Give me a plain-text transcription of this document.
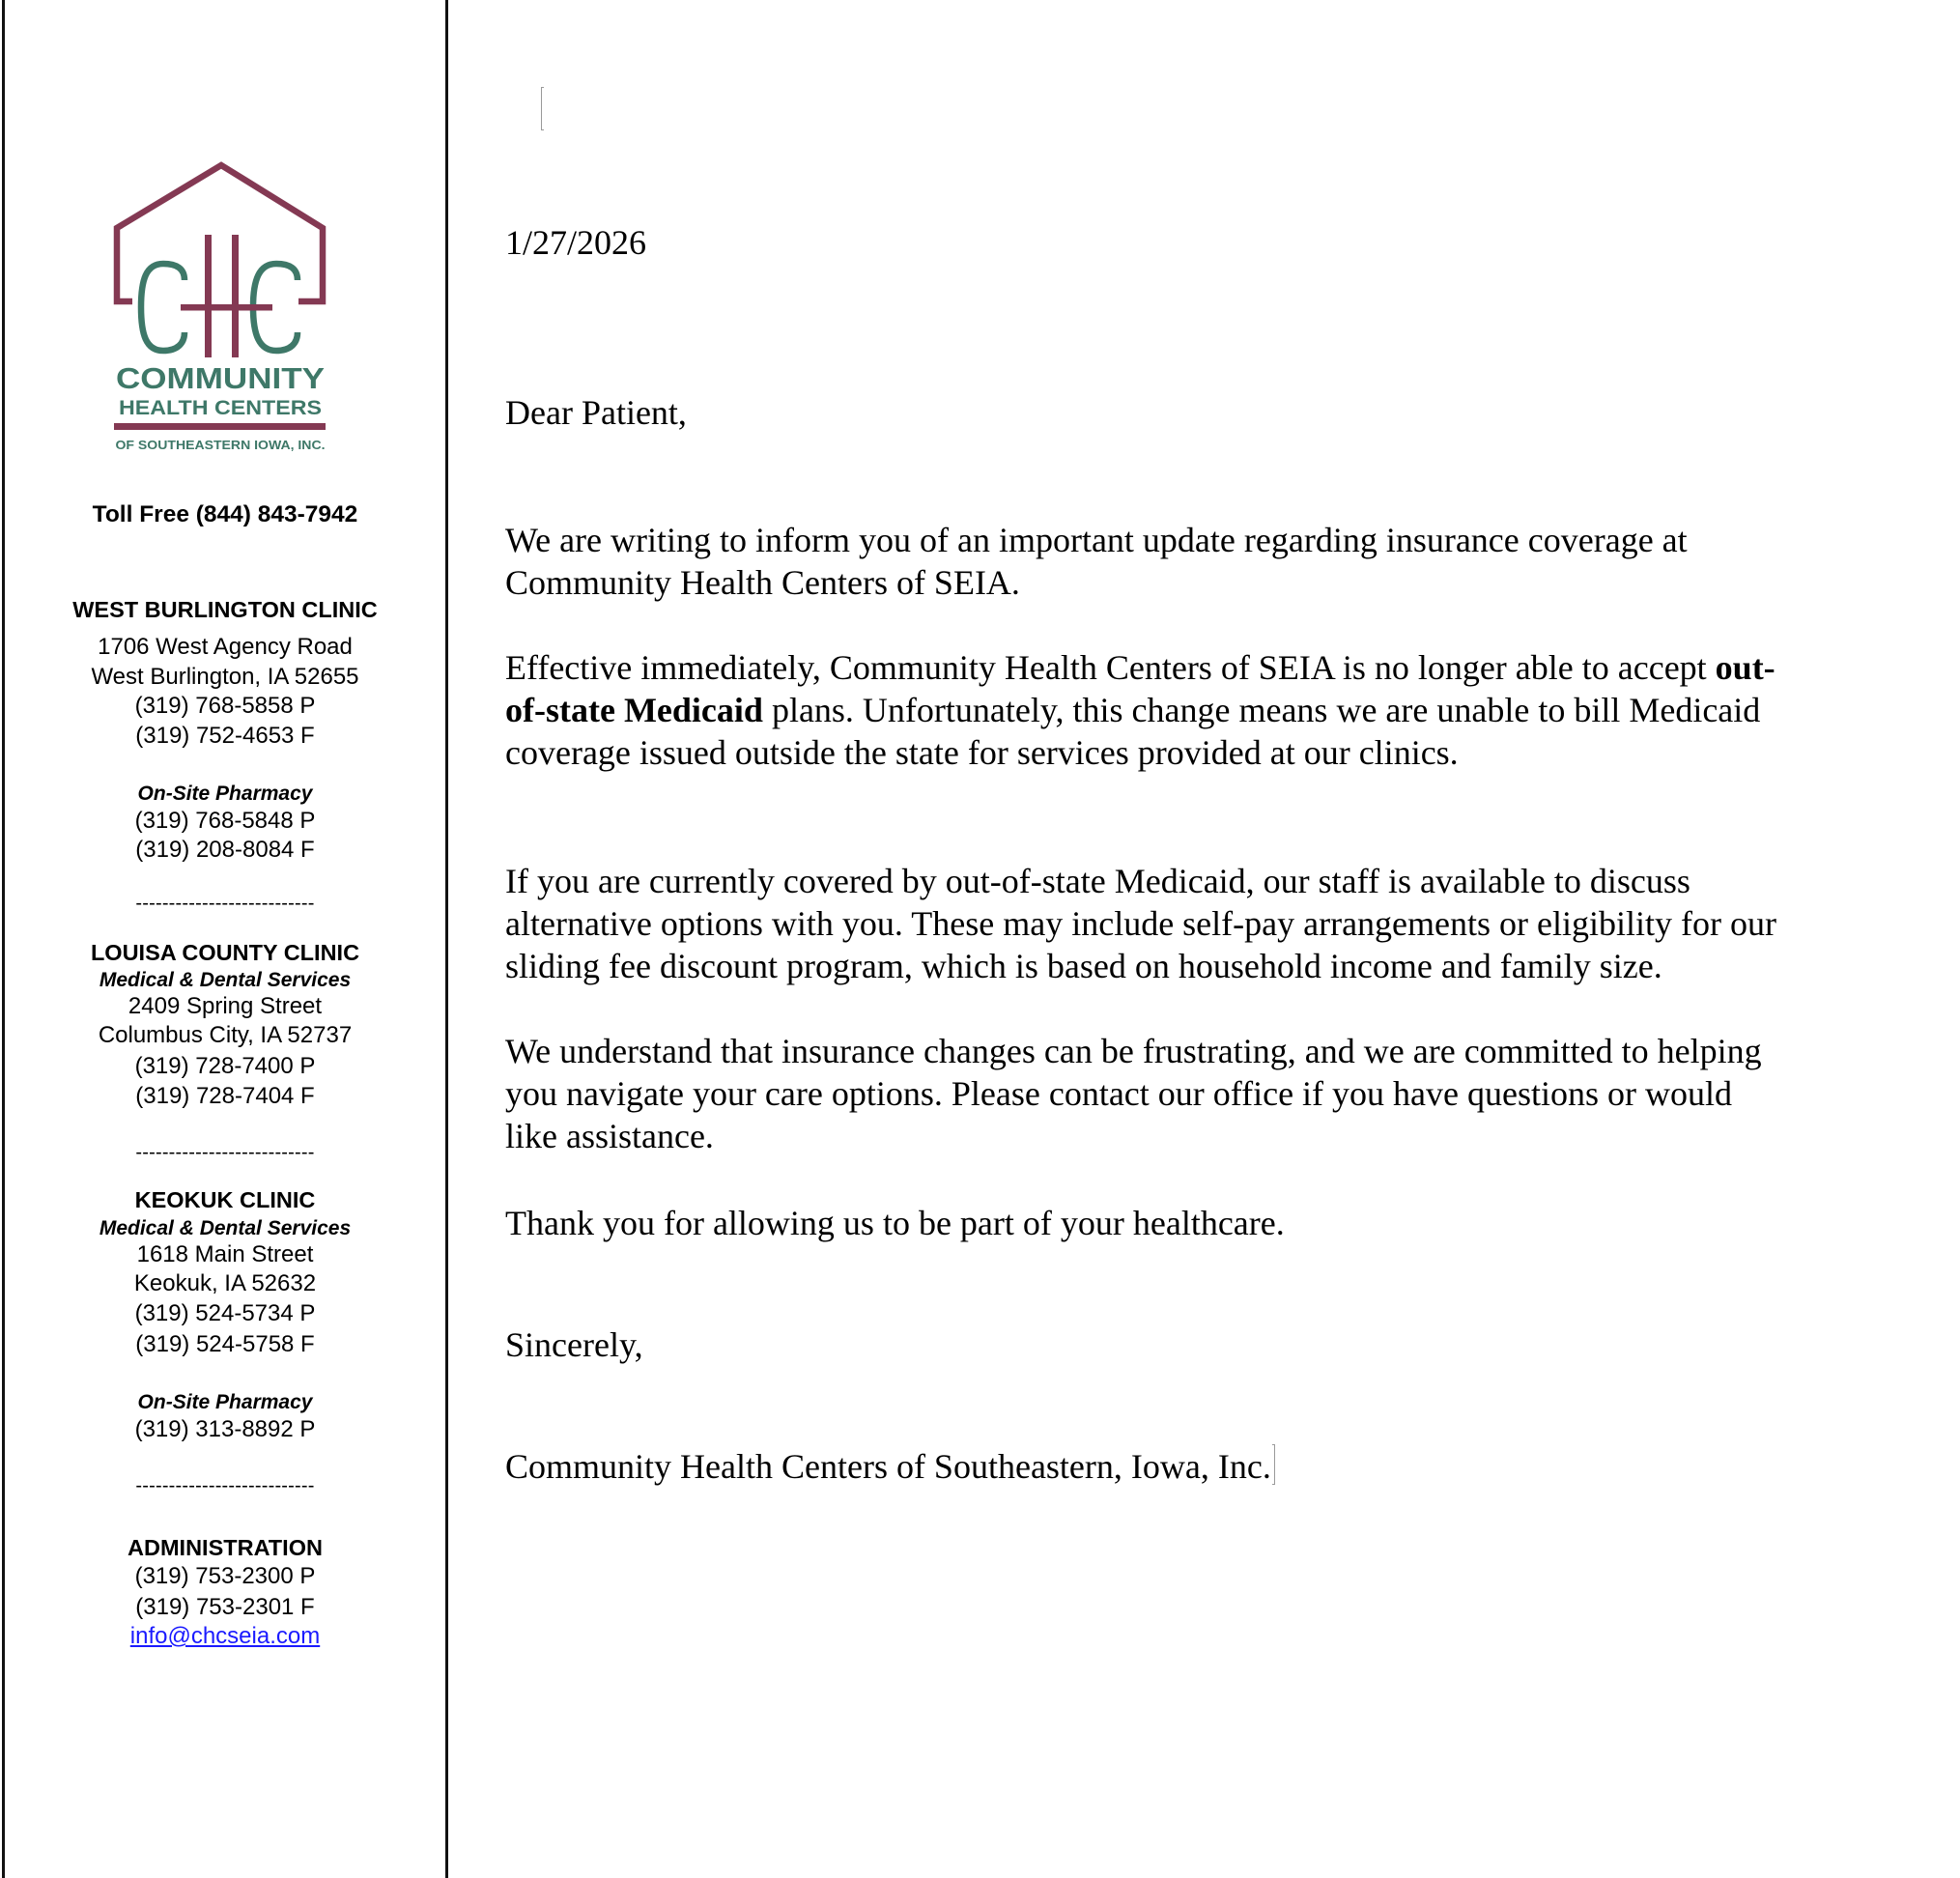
COMMUNITY
HEALTH CENTERS
OF SOUTHEASTERN IOWA, INC.
Toll Free (844) 843-7942
WEST BURLINGTON CLINIC
1706 West Agency Road
West Burlington, IA 52655
(319) 768-5858 P
(319) 752-4653 F
On-Site Pharmacy
(319) 768-5848 P
(319) 208-8084 F
---------------------------
LOUISA COUNTY CLINIC
Medical & Dental Services
2409 Spring Street
Columbus City, IA 52737
(319) 728-7400 P
(319) 728-7404 F
---------------------------
KEOKUK CLINIC
Medical & Dental Services
1618 Main Street
Keokuk, IA 52632
(319) 524-5734 P
(319) 524-5758 F
On-Site Pharmacy
(319) 313-8892 P
---------------------------
ADMINISTRATION
(319) 753-2300 P
(319) 753-2301 F
info@chcseia.com
1/27/2026
Dear Patient,
We are writing to inform you of an important update regarding insurance coverage at
Community Health Centers of SEIA.
Effective immediately, Community Health Centers of SEIA is no longer able to accept out-
of-state Medicaid plans. Unfortunately, this change means we are unable to bill Medicaid
coverage issued outside the state for services provided at our clinics.
If you are currently covered by out-of-state Medicaid, our staff is available to discuss
alternative options with you. These may include self-pay arrangements or eligibility for our
sliding fee discount program, which is based on household income and family size.
We understand that insurance changes can be frustrating, and we are committed to helping
you navigate your care options. Please contact our office if you have questions or would
like assistance.
Thank you for allowing us to be part of your healthcare.
Sincerely,
Community Health Centers of Southeastern, Iowa, Inc.
